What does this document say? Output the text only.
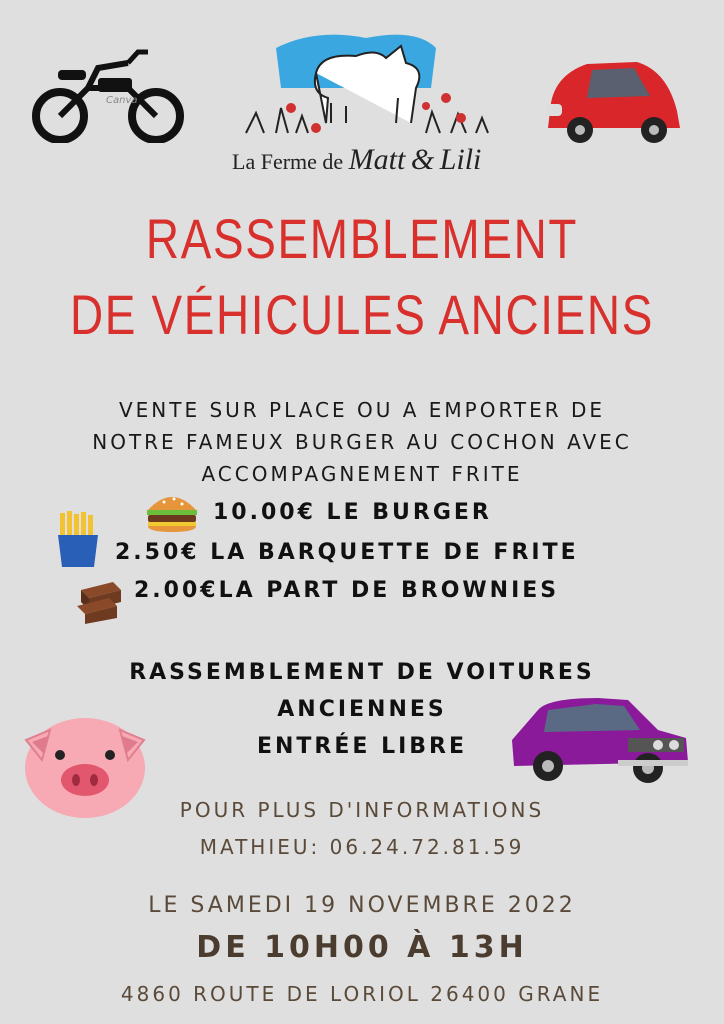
Canva
La Ferme de Matt & Lili
RASSEMBLEMENT
DE VÉHICULES ANCIENS
VENTE SUR PLACE OU A EMPORTER DE
NOTRE FAMEUX BURGER AU COCHON AVEC
ACCOMPAGNEMENT FRITE
10.00€ LE BURGER
2.50€ LA BARQUETTE DE FRITE
2.00€LA PART DE BROWNIES
RASSEMBLEMENT DE VOITURES
ANCIENNES
ENTRÉE LIBRE
POUR PLUS D'INFORMATIONS
MATHIEU: 06.24.72.81.59
LE SAMEDI 19 NOVEMBRE 2022
DE 10H00 À 13H
4860 ROUTE DE LORIOL 26400 GRANE
